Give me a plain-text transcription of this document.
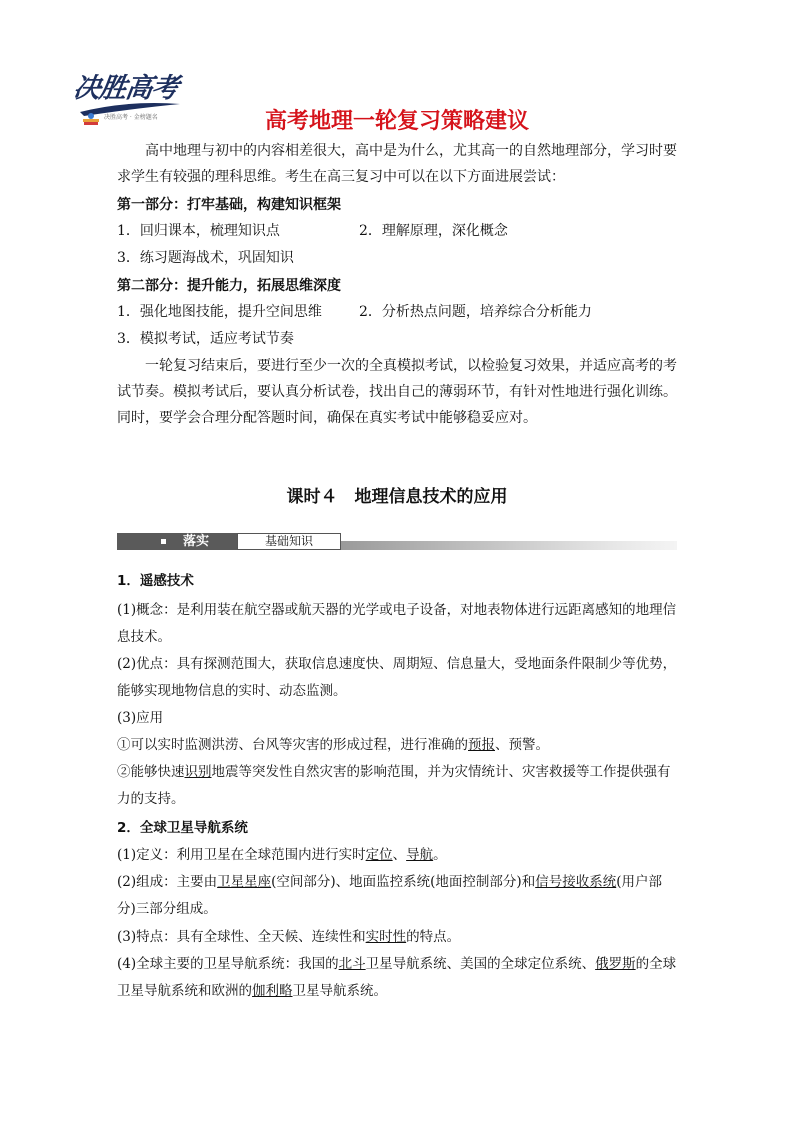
决胜高考
决胜高考 · 金榜题名	高考地理一轮复习策略建议

高中地理与初中的内容相差很大，高中是为什么，尤其高一的自然地理部分，学习时要求学生有较强的理科思维。考生在高三复习中可以在以下方面进展尝试：

第一部分：打牢基础，构建知识框架
1．回归课本，梳理知识点	2．理解原理，深化概念
3．练习题海战术，巩固知识
第二部分：提升能力，拓展思维深度
1．强化地图技能，提升空间思维	2．分析热点问题，培养综合分析能力
3．模拟考试，适应考试节奏

一轮复习结束后，要进行至少一次的全真模拟考试，以检验复习效果，并适应高考的考试节奏。模拟考试后，要认真分析试卷，找出自己的薄弱环节，有针对性地进行强化训练。同时，要学会合理分配答题时间，确保在真实考试中能够稳妥应对。

课时４　地理信息技术的应用
落实	基础知识
1．遥感技术

(1)概念：是利用装在航空器或航天器的光学或电子设备，对地表物体进行远距离感知的地理信息技术。

(2)优点：具有探测范围大，获取信息速度快、周期短、信息量大，受地面条件限制少等优势，能够实现地物信息的实时、动态监测。

(3)应用

①可以实时监测洪涝、台风等灾害的形成过程，进行准确的预报、预警。

②能够快速识别地震等突发性自然灾害的影响范围，并为灾情统计、灾害救援等工作提供强有力的支持。

2．全球卫星导航系统

(1)定义：利用卫星在全球范围内进行实时定位、导航。

(2)组成：主要由卫星星座(空间部分)、地面监控系统(地面控制部分)和信号接收系统(用户部分)三部分组成。

(3)特点：具有全球性、全天候、连续性和实时性的特点。

(4)全球主要的卫星导航系统：我国的北斗卫星导航系统、美国的全球定位系统、俄罗斯的全球卫星导航系统和欧洲的伽利略卫星导航系统。
